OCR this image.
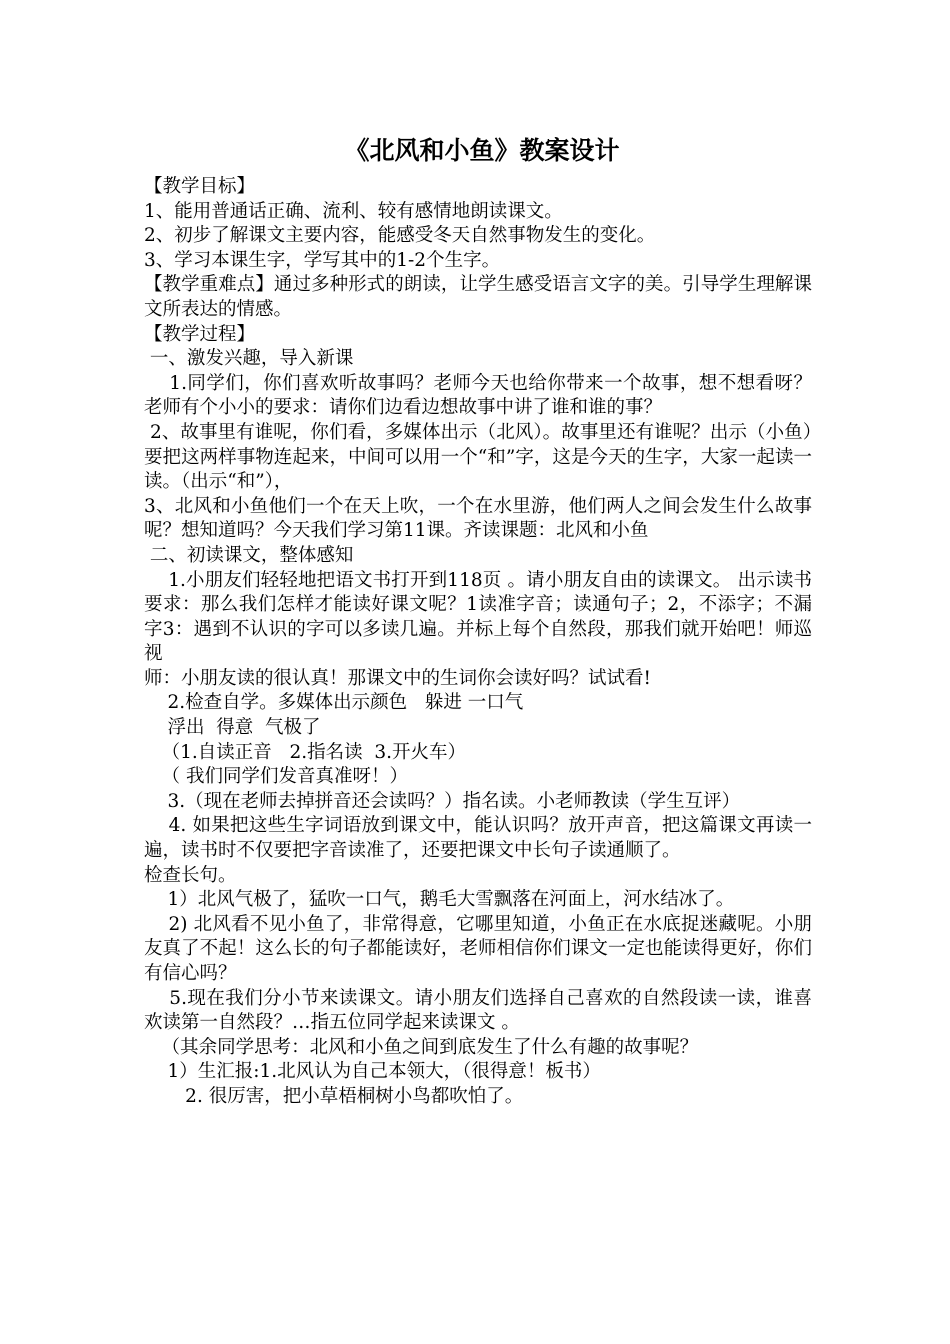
《北风和小鱼》教案设计

【教学目标】

1、能用普通话正确、流利、较有感情地朗读课文。

2、初步了解课文主要内容，能感受冬天自然事物发生的变化。

3、学习本课生字，学写其中的1-2个生字。

【教学重难点】通过多种形式的朗读，让学生感受语言文字的美。引导学生理解课文所表达的情感。

【教学过程】

一、激发兴趣，导入新课

1.同学们，你们喜欢听故事吗？老师今天也给你带来一个故事，想不想看呀？老师有个小小的要求：请你们边看边想故事中讲了谁和谁的事？

2、故事里有谁呢，你们看，多媒体出示（北风）。故事里还有谁呢？出示（小鱼）要把这两样事物连起来，中间可以用一个“和”字，这是今天的生字，大家一起读一读。（出示“和”），

3、北风和小鱼他们一个在天上吹，一个在水里游，他们两人之间会发生什么故事呢？想知道吗？今天我们学习第11课。齐读课题：北风和小鱼

二、初读课文，整体感知

1.小朋友们轻轻地把语文书打开到118页 。请小朋友自由的读课文。 出示读书要求：那么我们怎样才能读好课文呢？1读准字音；读通句子；2，不添字；不漏字3：遇到不认识的字可以多读几遍。并标上每个自然段，那我们就开始吧！师巡视

师：小朋友读的很认真！那课文中的生词你会读好吗？试试看!

2.检查自学。多媒体出示颜色   躲进 一口气

浮出  得意  气极了

（1.自读正音   2.指名读  3.开火车）

（ 我们同学们发音真准呀！）

3.（现在老师去掉拼音还会读吗？）指名读。小老师教读（学生互评）

4. 如果把这些生字词语放到课文中，能认识吗？放开声音，把这篇课文再读一遍，读书时不仅要把字音读准了，还要把课文中长句子读通顺了。

检查长句。

1）北风气极了，猛吹一口气，鹅毛大雪飘落在河面上，河水结冰了。

2) 北风看不见小鱼了，非常得意，它哪里知道，小鱼正在水底捉迷藏呢。小朋友真了不起！这么长的句子都能读好，老师相信你们课文一定也能读得更好，你们有信心吗？

5.现在我们分小节来读课文。请小朋友们选择自己喜欢的自然段读一读，谁喜欢读第一自然段？…指五位同学起来读课文 。

（其余同学思考：北风和小鱼之间到底发生了什么有趣的故事呢？

1）生汇报:1.北风认为自己本领大，（很得意！板书）

2. 很厉害，把小草梧桐树小鸟都吹怕了。
